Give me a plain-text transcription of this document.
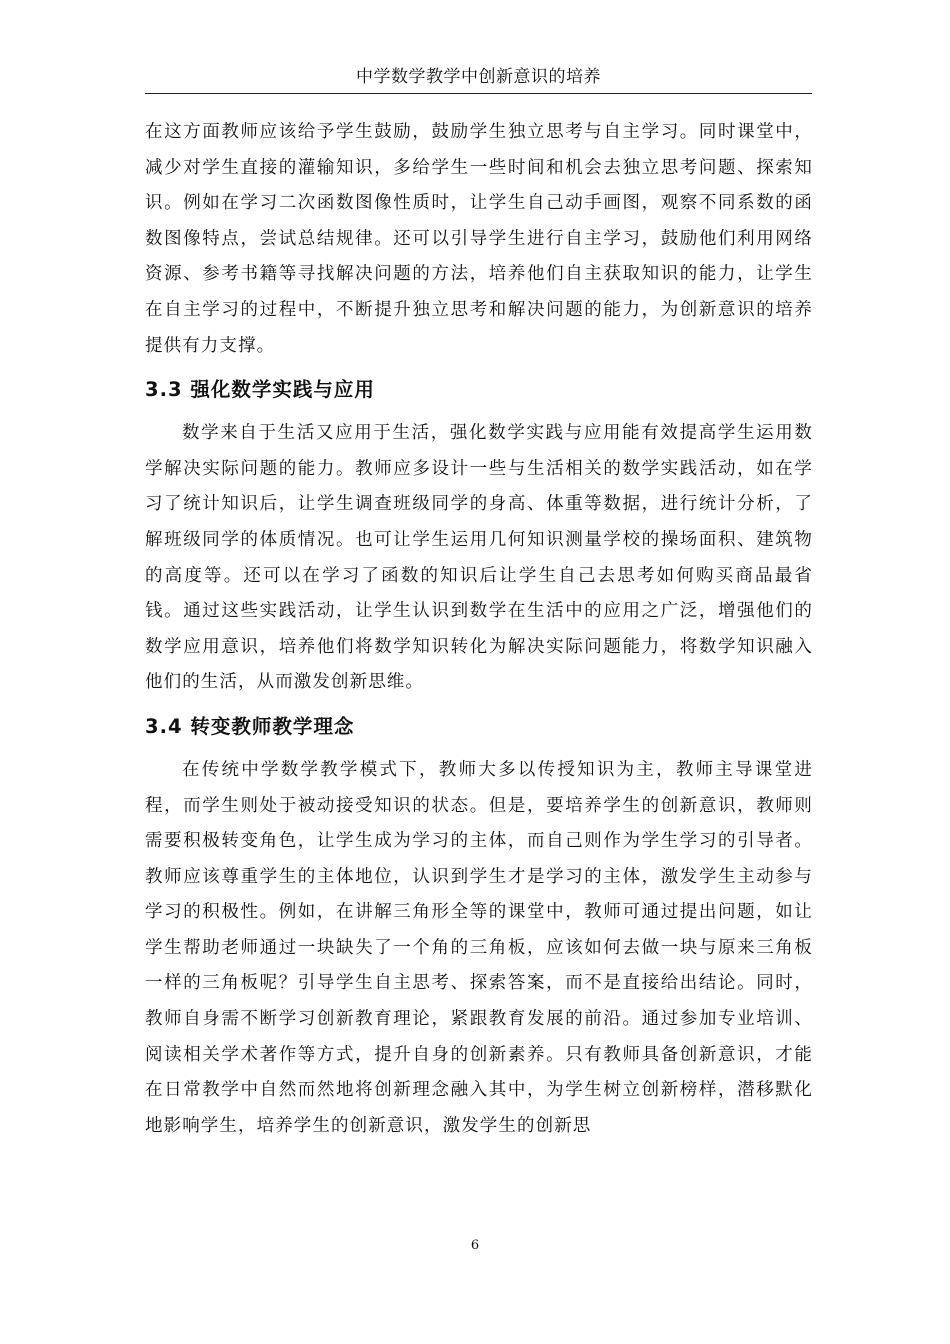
中学数学教学中创新意识的培养

在这方面教师应该给予学生鼓励，鼓励学生独立思考与自主学习。同时课堂中，减少对学生直接的灌输知识，多给学生一些时间和机会去独立思考问题、探索知识。例如在学习二次函数图像性质时，让学生自己动手画图，观察不同系数的函数图像特点，尝试总结规律。还可以引导学生进行自主学习，鼓励他们利用网络资源、参考书籍等寻找解决问题的方法，培养他们自主获取知识的能力，让学生在自主学习的过程中，不断提升独立思考和解决问题的能力，为创新意识的培养提供有力支撑。

3.3 强化数学实践与应用

数学来自于生活又应用于生活，强化数学实践与应用能有效提高学生运用数学解决实际问题的能力。教师应多设计一些与生活相关的数学实践活动，如在学习了统计知识后，让学生调查班级同学的身高、体重等数据，进行统计分析，了解班级同学的体质情况。也可让学生运用几何知识测量学校的操场面积、建筑物的高度等。还可以在学习了函数的知识后让学生自己去思考如何购买商品最省钱。通过这些实践活动，让学生认识到数学在生活中的应用之广泛，增强他们的数学应用意识，培养他们将数学知识转化为解决实际问题能力，将数学知识融入他们的生活，从而激发创新思维。

3.4 转变教师教学理念

在传统中学数学教学模式下，教师大多以传授知识为主，教师主导课堂进程，而学生则处于被动接受知识的状态。但是，要培养学生的创新意识，教师则需要积极转变角色，让学生成为学习的主体，而自己则作为学生学习的引导者。教师应该尊重学生的主体地位，认识到学生才是学习的主体，激发学生主动参与学习的积极性。例如，在讲解三角形全等的课堂中，教师可通过提出问题，如让学生帮助老师通过一块缺失了一个角的三角板，应该如何去做一块与原来三角板一样的三角板呢？引导学生自主思考、探索答案，而不是直接给出结论。同时，教师自身需不断学习创新教育理论，紧跟教育发展的前沿。通过参加专业培训、阅读相关学术著作等方式，提升自身的创新素养。只有教师具备创新意识，才能在日常教学中自然而然地将创新理念融入其中，为学生树立创新榜样，潜移默化地影响学生，培养学生的创新意识，激发学生的创新思

6
